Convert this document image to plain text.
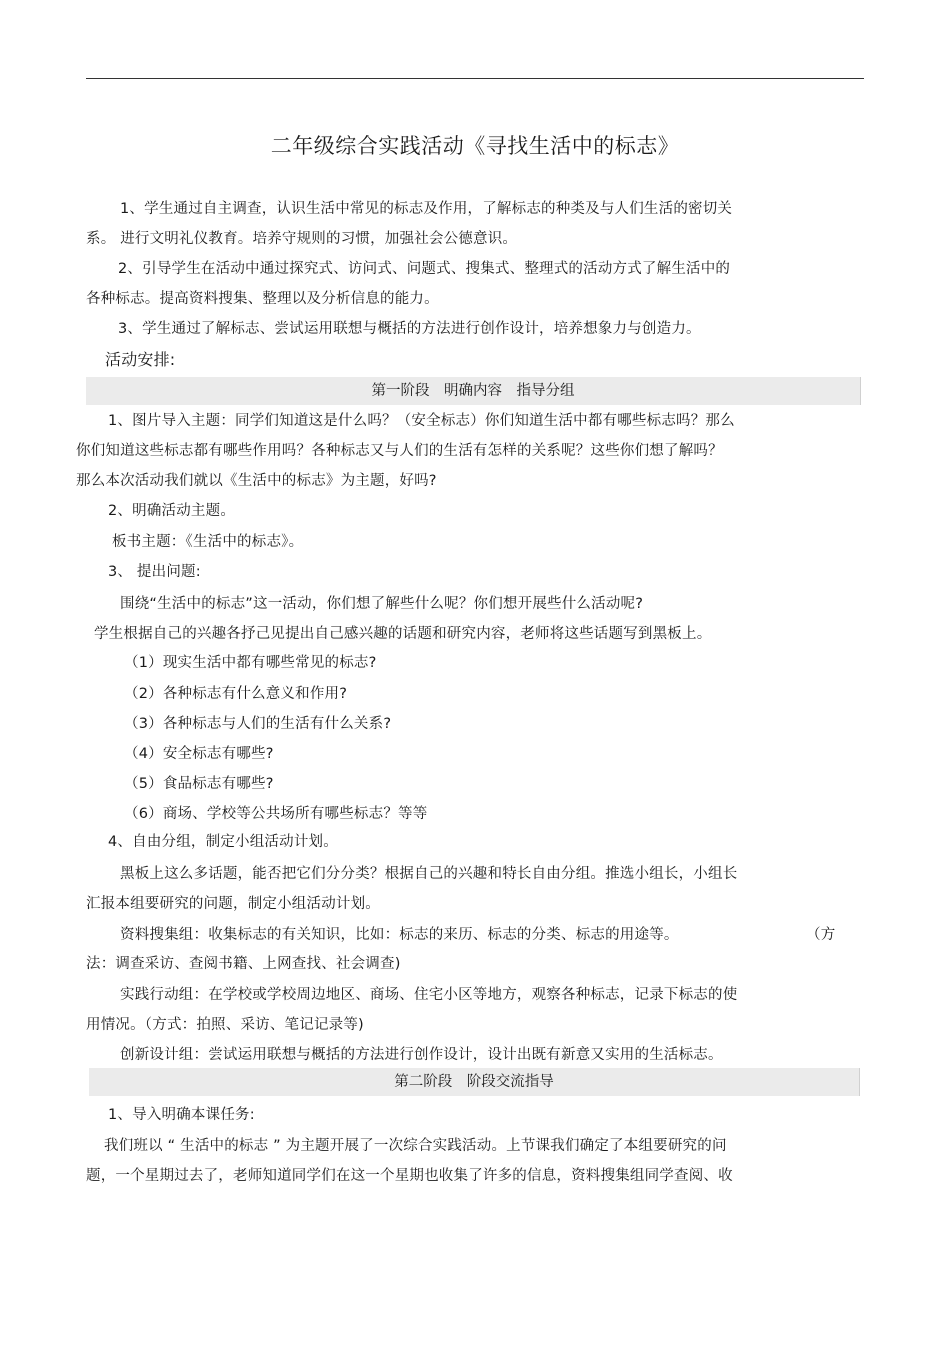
二年级综合实践活动《寻找生活中的标志》
1、学生通过自主调查，认识生活中常见的标志及作用，了解标志的种类及与人们生活的密切关
系。 进行文明礼仪教育。培养守规则的习惯，加强社会公德意识。
2、引导学生在活动中通过探究式、访问式、问题式、搜集式、整理式的活动方式了解生活中的
各种标志。提高资料搜集、整理以及分析信息的能力。
3、学生通过了解标志、尝试运用联想与概括的方法进行创作设计，培养想象力与创造力。
活动安排:
第一阶段　明确内容　指导分组
1、图片导入主题：同学们知道这是什么吗？（安全标志）你们知道生活中都有哪些标志吗？那么
你们知道这些标志都有哪些作用吗？各种标志又与人们的生活有怎样的关系呢？这些你们想了解吗？
那么本次活动我们就以《生活中的标志》为主题，好吗?
2、明确活动主题。
板书主题：《生活中的标志》。
3、 提出问题:
围绕“生活中的标志”这一活动，你们想了解些什么呢？你们想开展些什么活动呢?
学生根据自己的兴趣各抒己见提出自己感兴趣的话题和研究内容，老师将这些话题写到黑板上。
（1）现实生活中都有哪些常见的标志?
（2）各种标志有什么意义和作用?
（3）各种标志与人们的生活有什么关系?
（4）安全标志有哪些?
（5）食品标志有哪些?
（6）商场、学校等公共场所有哪些标志？等等
4、自由分组，制定小组活动计划。
黑板上这么多话题，能否把它们分分类？根据自己的兴趣和特长自由分组。推选小组长，小组长
汇报本组要研究的问题，制定小组活动计划。
资料搜集组：收集标志的有关知识，比如：标志的来历、标志的分类、标志的用途等。	（方
法：调查采访、查阅书籍、上网查找、社会调查)
实践行动组：在学校或学校周边地区、商场、住宅小区等地方，观察各种标志，记录下标志的使
用情况。（方式：拍照、采访、笔记记录等)
创新设计组：尝试运用联想与概括的方法进行创作设计，设计出既有新意又实用的生活标志。
第二阶段　阶段交流指导
1、导入明确本课任务:
我们班以 “ 生活中的标志 ” 为主题开展了一次综合实践活动。上节课我们确定了本组要研究的问
题，一个星期过去了，老师知道同学们在这一个星期也收集了许多的信息，资料搜集组同学查阅、收
